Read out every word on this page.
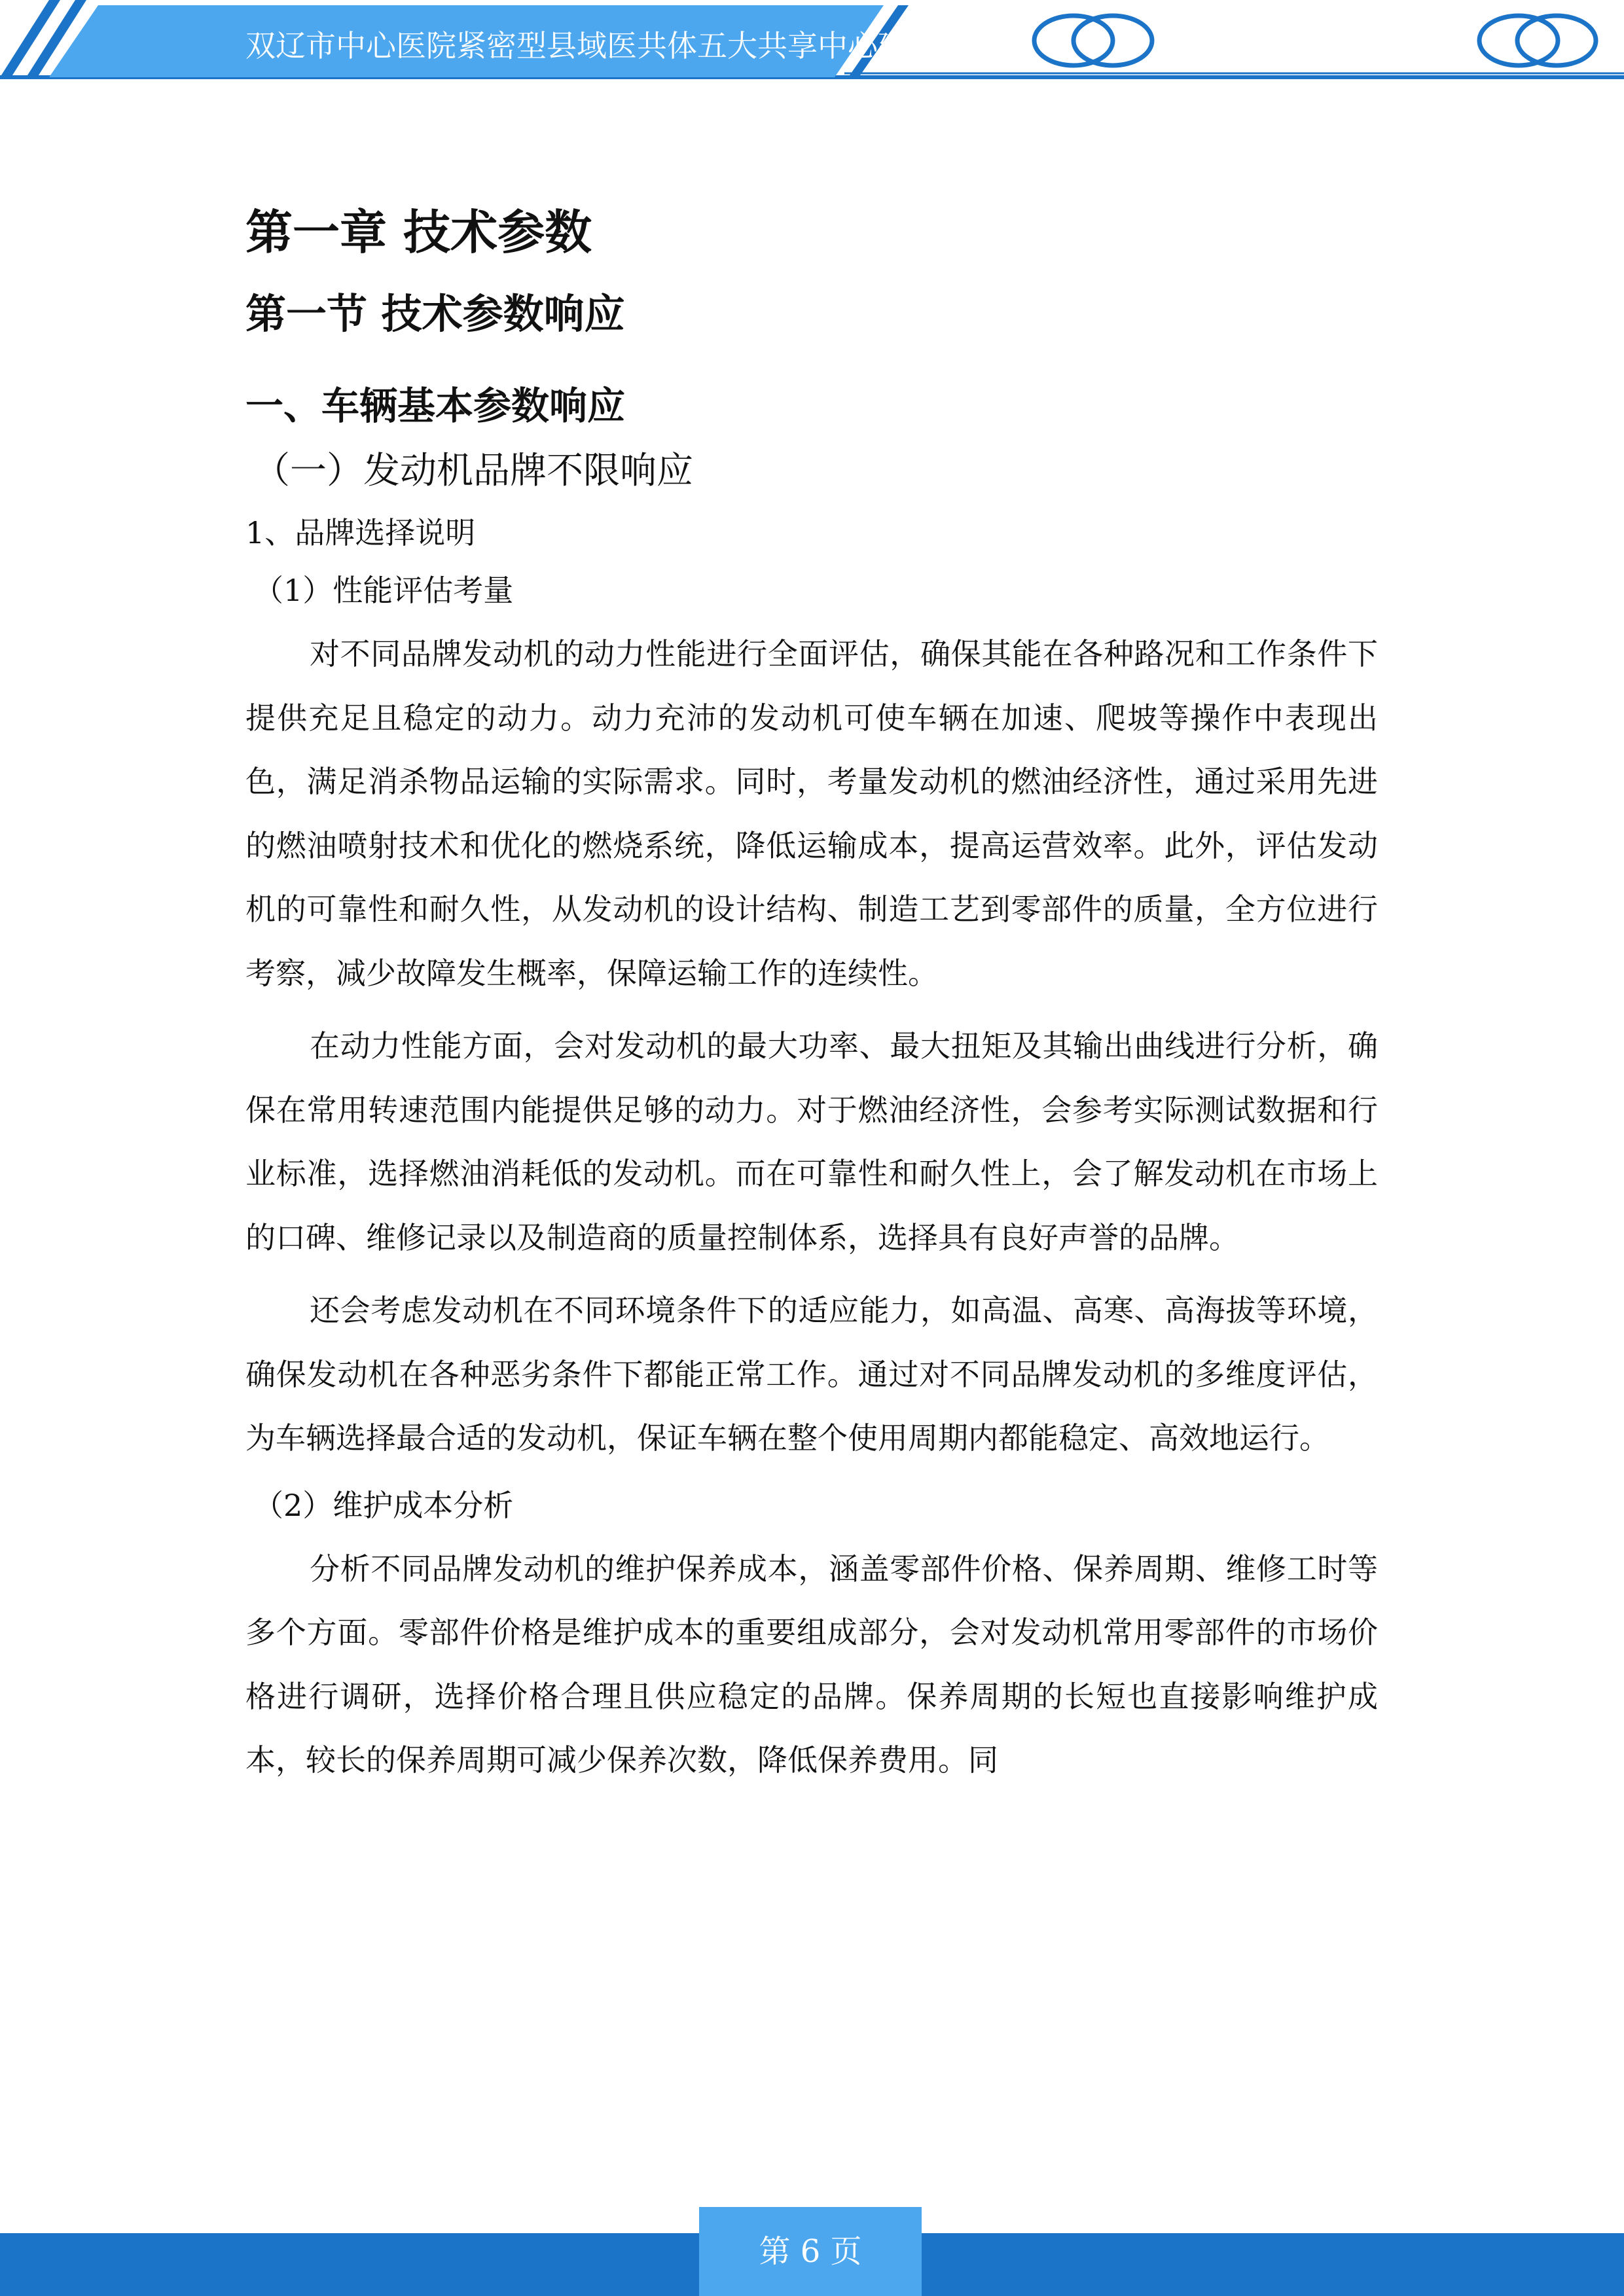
双辽市中心医院紧密型县域医共体五大共享中心建设项目
第一章 技术参数
第一节 技术参数响应
一、车辆基本参数响应
（一）发动机品牌不限响应
1、品牌选择说明
（1）性能评估考量

对不同品牌发动机的动力性能进行全面评估，确保其能在各种路况和工作条件下提供充足且稳定的动力。动力充沛的发动机可使车辆在加速、爬坡等操作中表现出色，满足消杀物品运输的实际需求。同时，考量发动机的燃油经济性，通过采用先进的燃油喷射技术和优化的燃烧系统，降低运输成本，提高运营效率。此外，评估发动机的可靠性和耐久性，从发动机的设计结构、制造工艺到零部件的质量，全方位进行考察，减少故障发生概率，保障运输工作的连续性。

在动力性能方面，会对发动机的最大功率、最大扭矩及其输出曲线进行分析，确保在常用转速范围内能提供足够的动力。对于燃油经济性，会参考实际测试数据和行业标准，选择燃油消耗低的发动机。而在可靠性和耐久性上，会了解发动机在市场上的口碑、维修记录以及制造商的质量控制体系，选择具有良好声誉的品牌。

还会考虑发动机在不同环境条件下的适应能力，如高温、高寒、高海拔等环境，确保发动机在各种恶劣条件下都能正常工作。通过对不同品牌发动机的多维度评估，为车辆选择最合适的发动机，保证车辆在整个使用周期内都能稳定、高效地运行。

（2）维护成本分析

分析不同品牌发动机的维护保养成本，涵盖零部件价格、保养周期、维修工时等多个方面。零部件价格是维护成本的重要组成部分，会对发动机常用零部件的市场价格进行调研，选择价格合理且供应稳定的品牌。保养周期的长短也直接影响维护成本，较长的保养周期可减少保养次数，降低保养费用。同

第 6 页
